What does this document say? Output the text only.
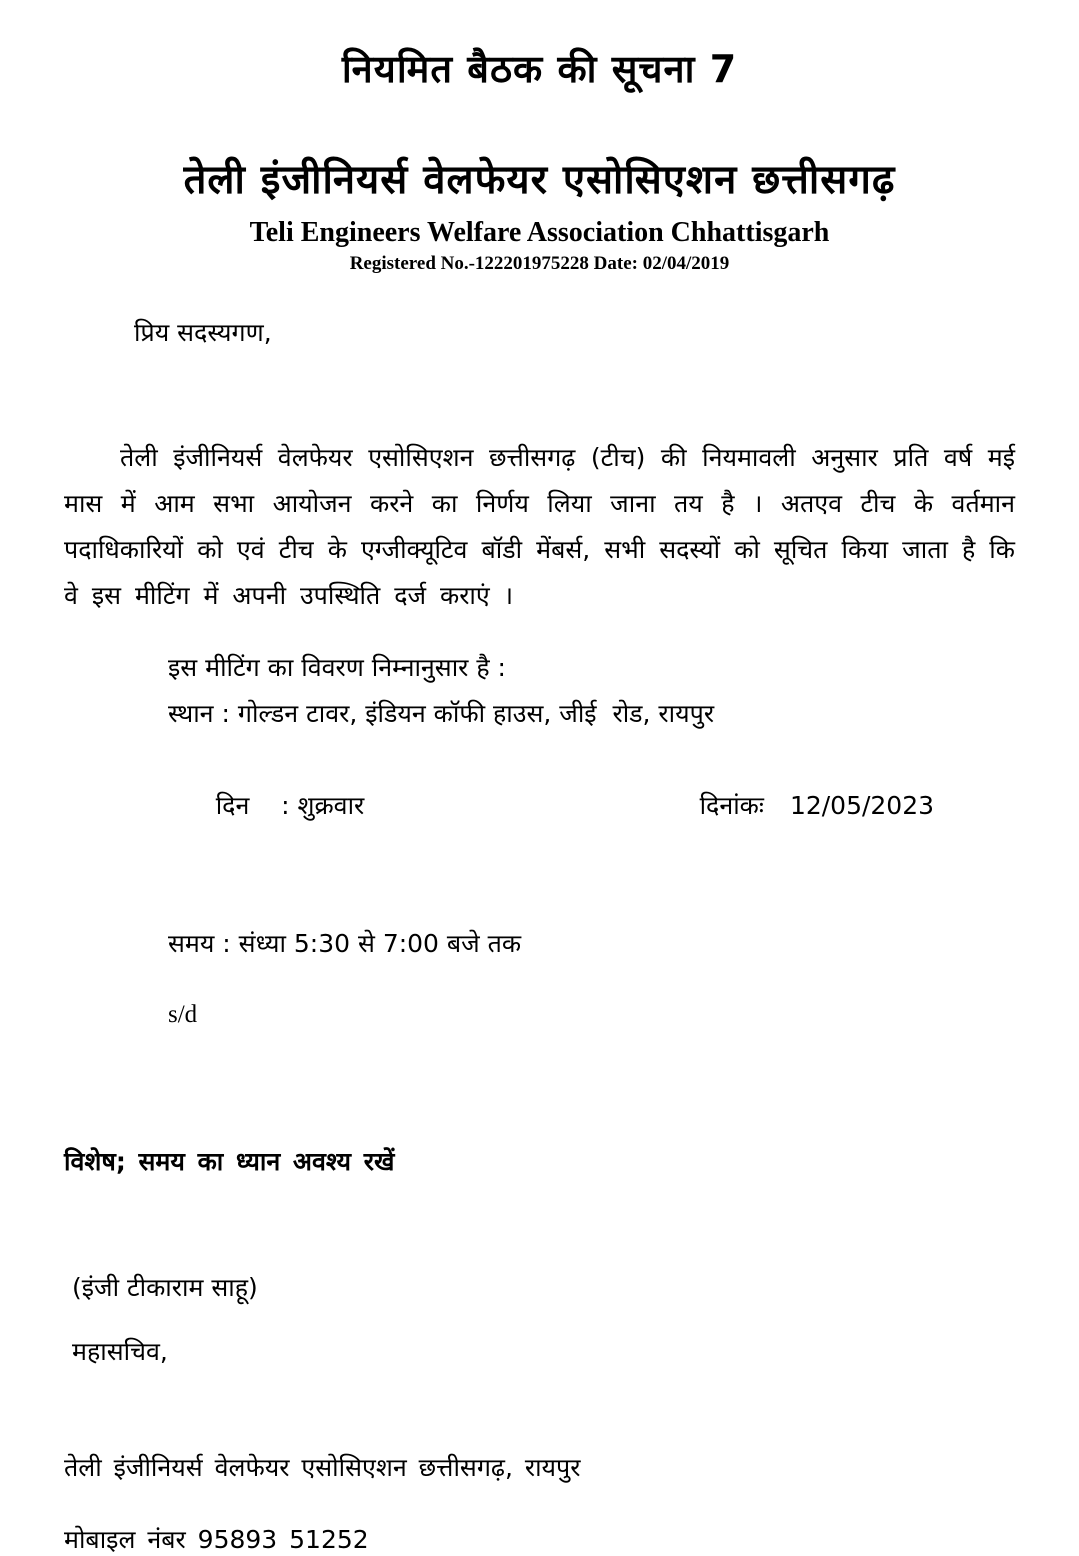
नियमित बैठक की सूचना 7
तेली इंजीनियर्स वेलफेयर एसोसिएशन छत्तीसगढ़
Teli Engineers Welfare Association Chhattisgarh
Registered No.-122201975228 Date: 02/04/2019
प्रिय सदस्यगण,
तेली इंजीनियर्स वेलफेयर एसोसिएशन छत्तीसगढ़ (टीच) की नियमावली अनुसार प्रति वर्ष मई मास में आम सभा आयोजन करने का निर्णय लिया जाना तय है । अतएव टीच के वर्तमान पदाधिकारियों को एवं टीच के एग्जीक्यूटिव बॉडी मेंबर्स, सभी सदस्यों को सूचित किया जाता है कि वे इस मीटिंग में अपनी उपस्थिति दर्ज कराएं ।
इस मीटिंग का विवरण निम्नानुसार है :
स्थान : गोल्डन टावर, इंडियन कॉफी हाउस, जीई  रोड, रायपुर

दिन    : शुक्रवार
	दिनांकः 12/05/2023

समय : संध्या 5:30 से 7:00 बजे तक
s/d
विशेष; समय का ध्यान अवश्य रखें
(इंजी टीकाराम साहू)
महासचिव,
तेली इंजीनियर्स वेलफेयर एसोसिएशन छत्तीसगढ़, रायपुर
मोबाइल नंबर 95893 51252
